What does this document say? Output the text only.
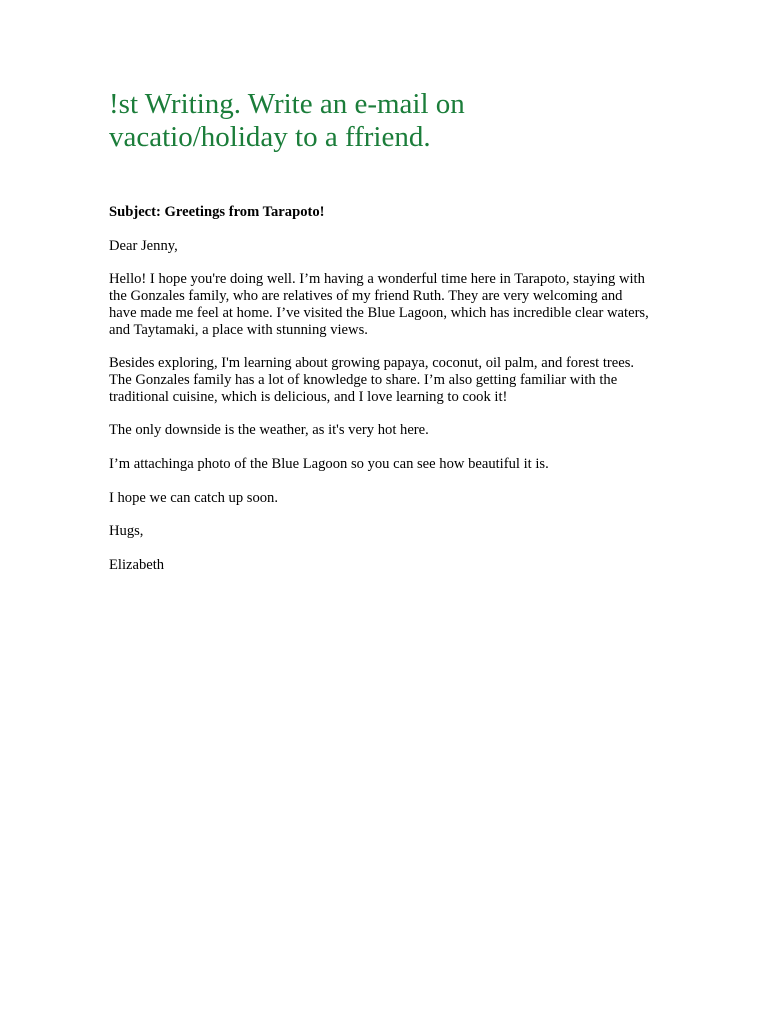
!st Writing. Write an e-mail on
vacatio/holiday to a ffriend.

Subject: Greetings from Tarapoto!

Dear Jenny,

Hello! I hope you're doing well. I’m having a wonderful time here in Tarapoto, staying with the Gonzales family, who are relatives of my friend Ruth. They are very welcoming and have made me feel at home. I’ve visited the Blue Lagoon, which has incredible clear waters, and Taytamaki, a place with stunning views.

Besides exploring, I'm learning about growing papaya, coconut, oil palm, and forest trees. The Gonzales family has a lot of knowledge to share. I’m also getting familiar with the traditional cuisine, which is delicious, and I love learning to cook it!

The only downside is the weather, as it's very hot here.

I’m attachinga photo of the Blue Lagoon so you can see how beautiful it is.

I hope we can catch up soon.

Hugs,

Elizabeth
